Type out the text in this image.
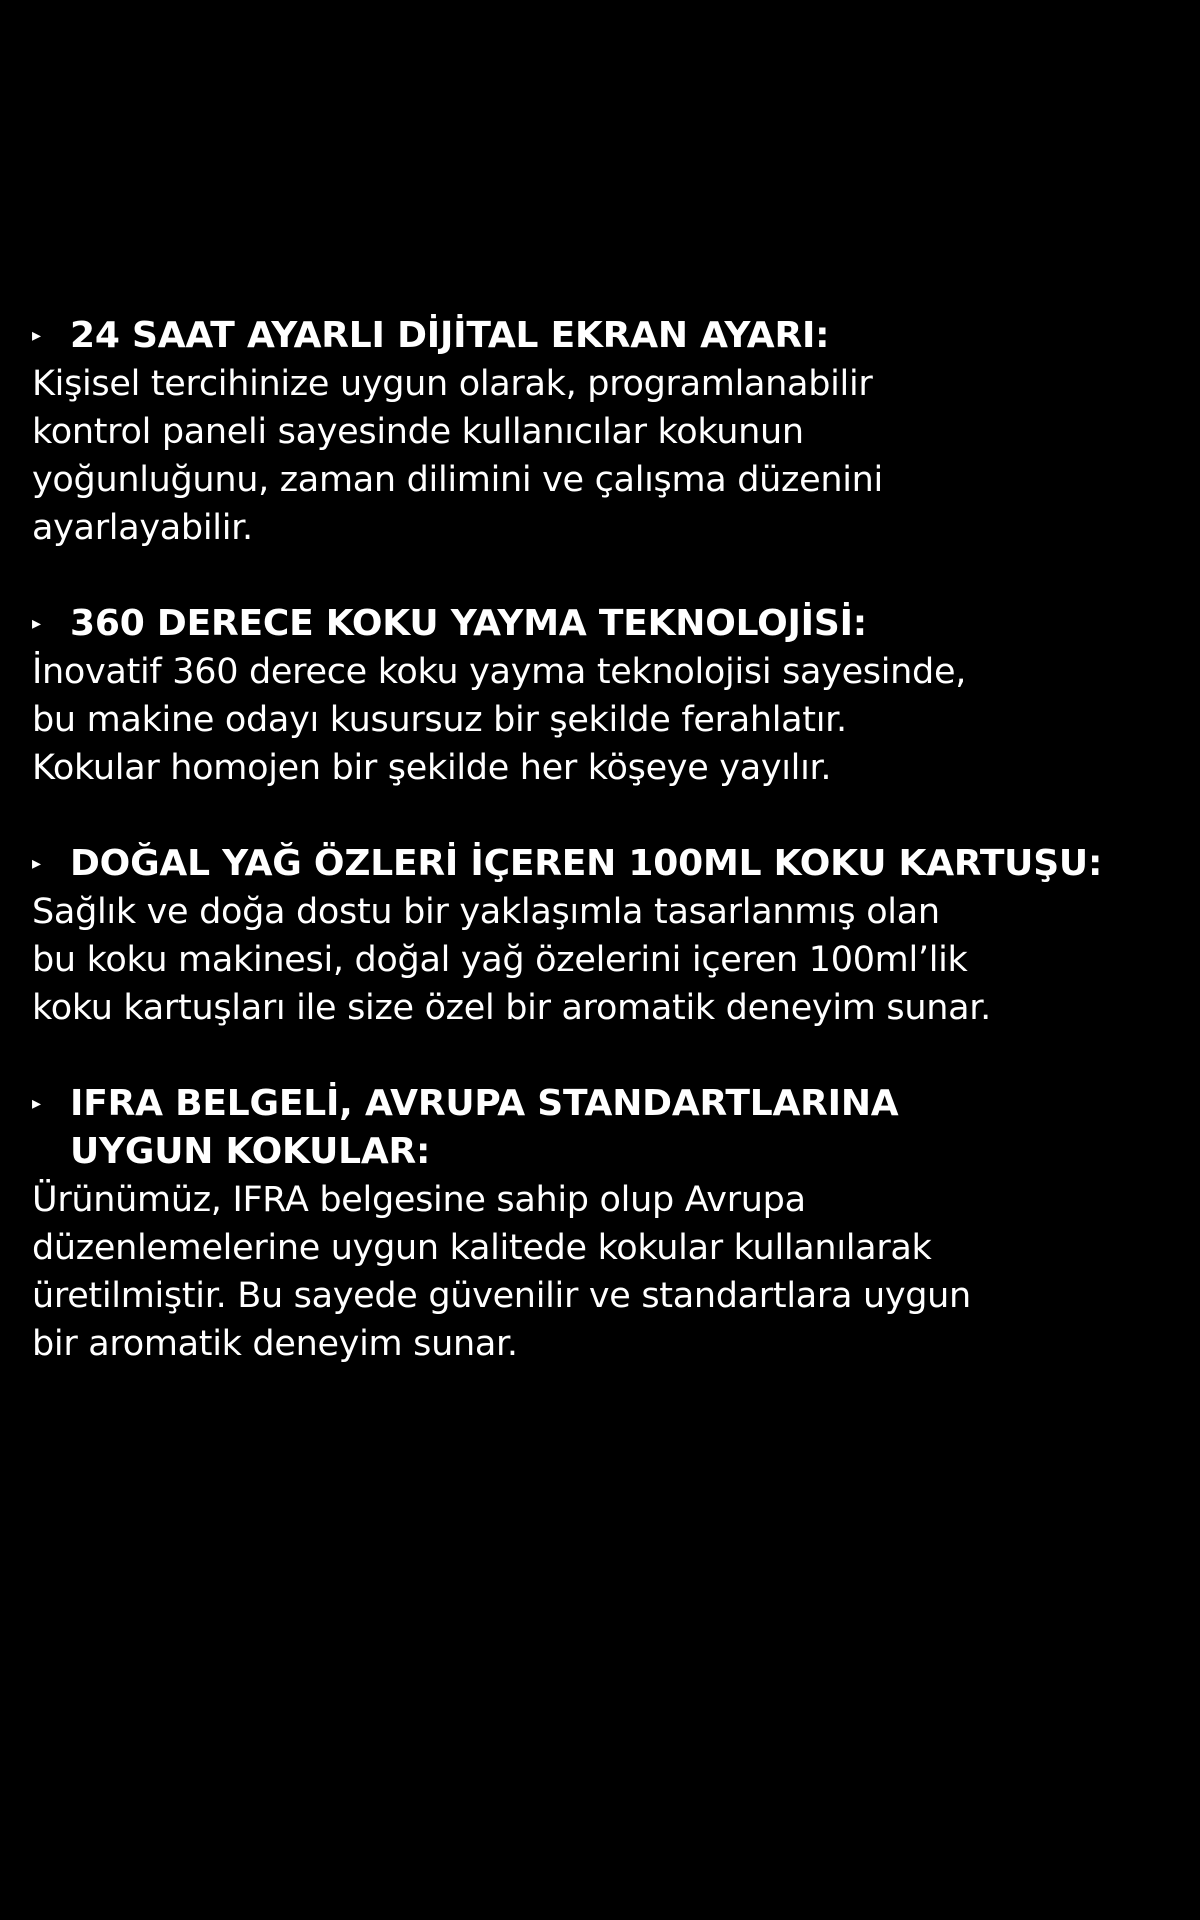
▸ 24 SAAT AYARLI DİJİTAL EKRAN AYARI:

Kişisel tercihinize uygun olarak, programlanabilir
kontrol paneli sayesinde kullanıcılar kokunun
yoğunluğunu, zaman dilimini ve çalışma düzenini
ayarlayabilir.

▸ 360 DERECE KOKU YAYMA TEKNOLOJİSİ:

İnovatif 360 derece koku yayma teknolojisi sayesinde,
bu makine odayı kusursuz bir şekilde ferahlatır.
Kokular homojen bir şekilde her köşeye yayılır.

▸ DOĞAL YAĞ ÖZLERİ İÇEREN 100ML KOKU KARTUŞU:

Sağlık ve doğa dostu bir yaklaşımla tasarlanmış olan
bu koku makinesi, doğal yağ özelerini içeren 100ml’lik
koku kartuşları ile size özel bir aromatik deneyim sunar.

▸ IFRA BELGELİ, AVRUPA STANDARTLARINA
UYGUN KOKULAR:

Ürünümüz, IFRA belgesine sahip olup Avrupa
düzenlemelerine uygun kalitede kokular kullanılarak
üretilmiştir. Bu sayede güvenilir ve standartlara uygun
bir aromatik deneyim sunar.
